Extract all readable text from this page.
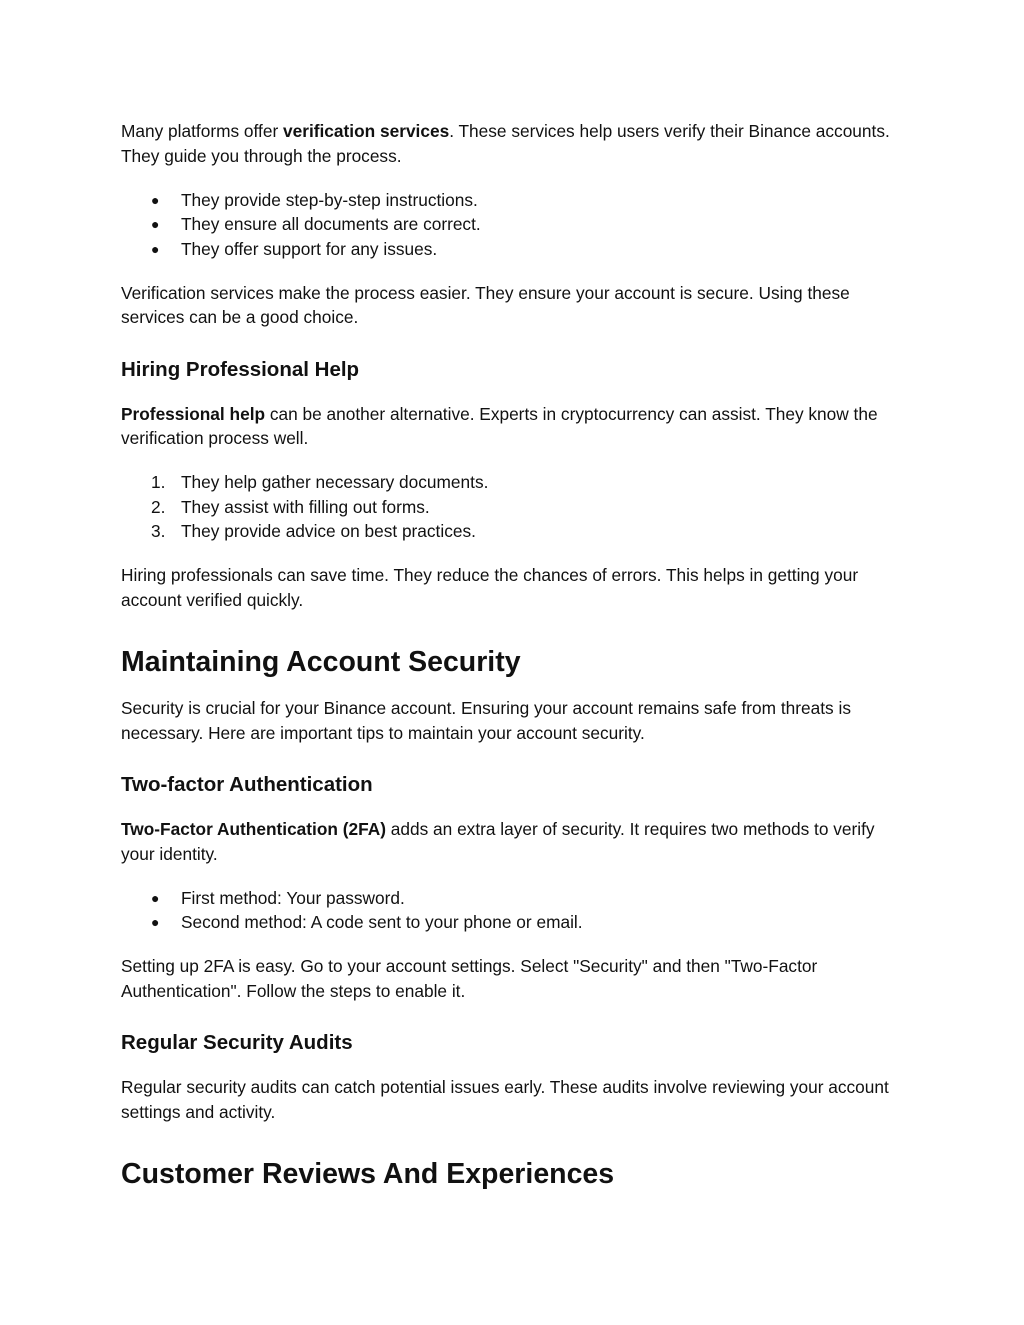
Many platforms offer verification services. These services help users verify their Binance accounts. They guide you through the process.

●	They provide step-by-step instructions.
●	They ensure all documents are correct.
●	They offer support for any issues.

Verification services make the process easier. They ensure your account is secure. Using these services can be a good choice.

Hiring Professional Help

Professional help can be another alternative. Experts in cryptocurrency can assist. They know the verification process well.

1. They help gather necessary documents.
2. They assist with filling out forms.
3. They provide advice on best practices.

Hiring professionals can save time. They reduce the chances of errors. This helps in getting your account verified quickly.

Maintaining Account Security

Security is crucial for your Binance account. Ensuring your account remains safe from threats is necessary. Here are important tips to maintain your account security.

Two-factor Authentication

Two-Factor Authentication (2FA) adds an extra layer of security. It requires two methods to verify your identity.

●	First method: Your password.
●	Second method: A code sent to your phone or email.

Setting up 2FA is easy. Go to your account settings. Select "Security" and then "Two-Factor Authentication". Follow the steps to enable it.

Regular Security Audits

Regular security audits can catch potential issues early. These audits involve reviewing your account settings and activity.

Customer Reviews And Experiences
